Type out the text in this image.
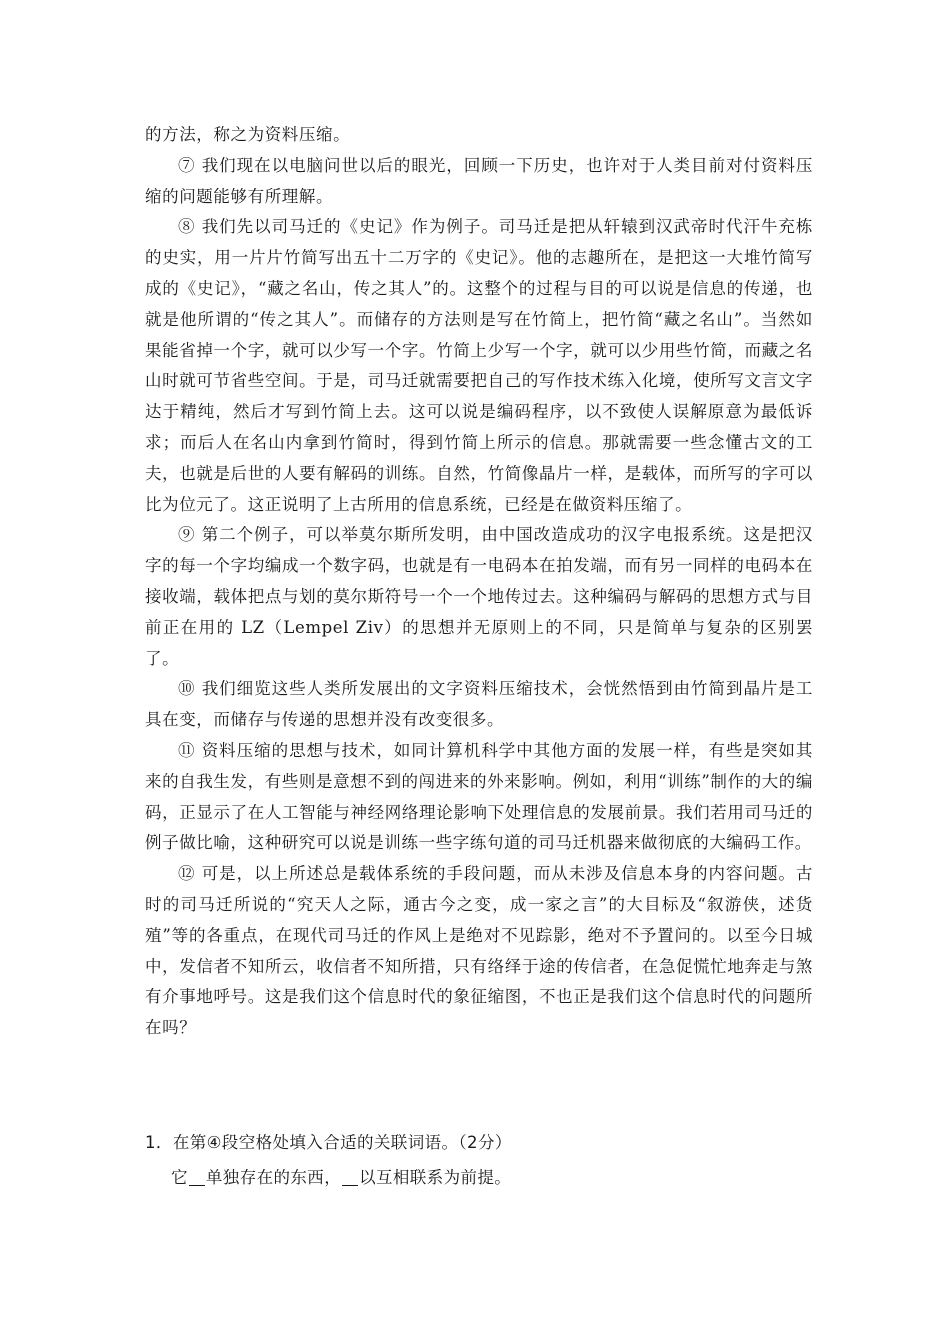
的方法，称之为资料压缩。

⑦ 我们现在以电脑问世以后的眼光，回顾一下历史，也许对于人类目前对付资料压缩的问题能够有所理解。

⑧ 我们先以司马迁的《史记》作为例子。司马迁是把从轩辕到汉武帝时代汗牛充栋的史实，用一片片竹简写出五十二万字的《史记》。他的志趣所在，是把这一大堆竹简写成的《史记》，“藏之名山，传之其人”的。这整个的过程与目的可以说是信息的传递，也就是他所谓的“传之其人”。而储存的方法则是写在竹简上，把竹简“藏之名山”。当然如果能省掉一个字，就可以少写一个字。竹简上少写一个字，就可以少用些竹简，而藏之名山时就可节省些空间。于是，司马迁就需要把自己的写作技术练入化境，使所写文言文字达于精纯，然后才写到竹简上去。这可以说是编码程序，以不致使人误解原意为最低诉求；而后人在名山内拿到竹简时，得到竹简上所示的信息。那就需要一些念懂古文的工夫，也就是后世的人要有解码的训练。自然，竹简像晶片一样，是载体，而所写的字可以比为位元了。这正说明了上古所用的信息系统，已经是在做资料压缩了。

⑨ 第二个例子，可以举莫尔斯所发明，由中国改造成功的汉字电报系统。这是把汉字的每一个字均编成一个数字码，也就是有一电码本在拍发端，而有另一同样的电码本在接收端，载体把点与划的莫尔斯符号一个一个地传过去。这种编码与解码的思想方式与目前正在用的 LZ（Lempel Ziv）的思想并无原则上的不同，只是简单与复杂的区别罢了。

⑩ 我们细览这些人类所发展出的文字资料压缩技术，会恍然悟到由竹简到晶片是工具在变，而储存与传递的思想并没有改变很多。

⑪ 资料压缩的思想与技术，如同计算机科学中其他方面的发展一样，有些是突如其来的自我生发，有些则是意想不到的闯进来的外来影响。例如，利用“训练”制作的大的编码，正显示了在人工智能与神经网络理论影响下处理信息的发展前景。我们若用司马迁的例子做比喻，这种研究可以说是训练一些字练句道的司马迁机器来做彻底的大编码工作。

⑫ 可是，以上所述总是载体系统的手段问题，而从未涉及信息本身的内容问题。古时的司马迁所说的“究天人之际，通古今之变，成一家之言”的大目标及“叙游侠，述货殖”等的各重点，在现代司马迁的作风上是绝对不见踪影，绝对不予置问的。以至今日城中，发信者不知所云，收信者不知所措，只有络绎于途的传信者，在急促慌忙地奔走与煞有介事地呼号。这是我们这个信息时代的象征缩图，不也正是我们这个信息时代的问题所在吗？

1．在第④段空格处填入合适的关联词语。（2分）

它 单独存在的东西， 以互相联系为前提。
